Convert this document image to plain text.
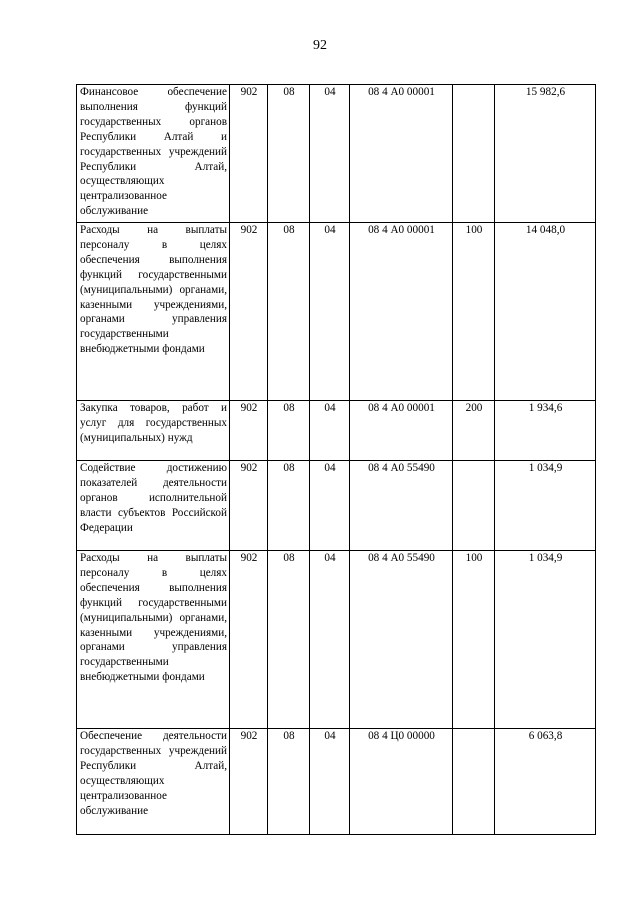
92
Финансовое обеспечение выполнения функций государственных органов Республики Алтай и государственных учреждений Республики Алтай, осуществляющих централизованное обслуживание	902	08	04	08 4 А0 00001		15 982,6
Расходы на выплаты персоналу в целях обеспечения выполнения функций государственными (муниципальными) органами, казенными учреждениями, органами управления государственными внебюджетными фондами	902	08	04	08 4 А0 00001	100	14 048,0
Закупка товаров, работ и услуг для государственных (муниципальных) нужд	902	08	04	08 4 А0 00001	200	1 934,6
Содействие достижению показателей деятельности органов исполнительной власти субъектов Российской Федерации	902	08	04	08 4 А0 55490		1 034,9
Расходы на выплаты персоналу в целях обеспечения выполнения функций государственными (муниципальными) органами, казенными учреждениями, органами управления государственными внебюджетными фондами	902	08	04	08 4 А0 55490	100	1 034,9
Обеспечение деятельности государственных учреждений Республики Алтай, осуществляющих централизованное обслуживание	902	08	04	08 4 Ц0 00000		6 063,8
